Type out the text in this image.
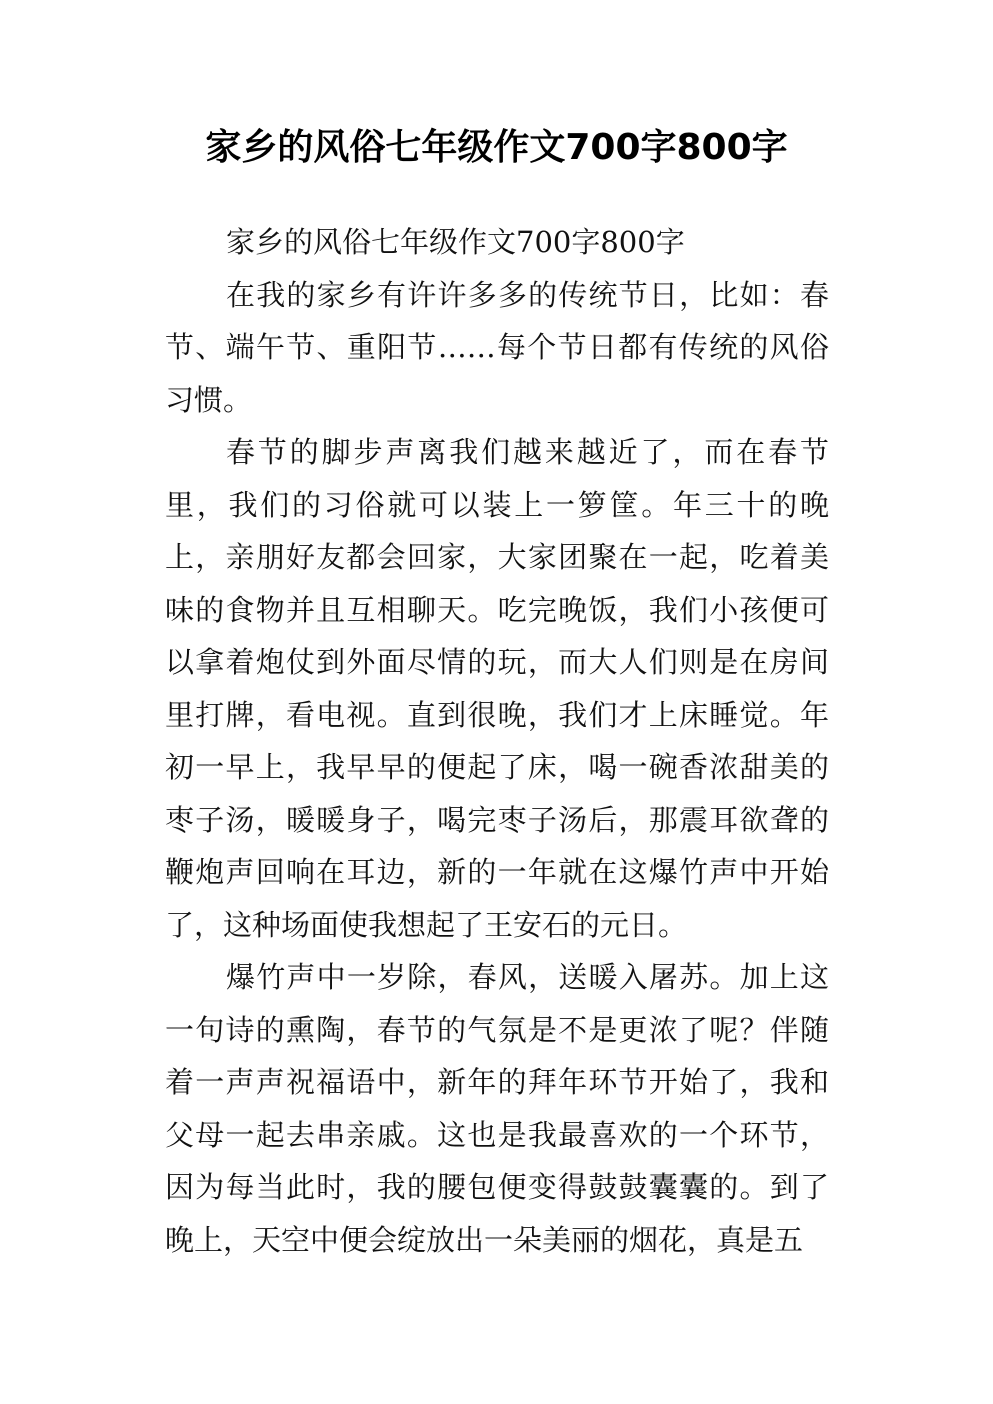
家乡的风俗七年级作文700字800字

家乡的风俗七年级作文700字800字

在我的家乡有许许多多的传统节日，比如：春节、端午节、重阳节……每个节日都有传统的风俗习惯。

春节的脚步声离我们越来越近了，而在春节里，我们的习俗就可以装上一箩筐。年三十的晚上，亲朋好友都会回家，大家团聚在一起，吃着美味的食物并且互相聊天。吃完晚饭，我们小孩便可以拿着炮仗到外面尽情的玩，而大人们则是在房间里打牌，看电视。直到很晚，我们才上床睡觉。年初一早上，我早早的便起了床，喝一碗香浓甜美的枣子汤，暖暖身子，喝完枣子汤后，那震耳欲聋的鞭炮声回响在耳边，新的一年就在这爆竹声中开始了，这种场面使我想起了王安石的元日。

爆竹声中一岁除，春风，送暖入屠苏。加上这一句诗的熏陶，春节的气氛是不是更浓了呢？伴随着一声声祝福语中，新年的拜年环节开始了，我和父母一起去串亲戚。这也是我最喜欢的一个环节，因为每当此时，我的腰包便变得鼓鼓囊囊的。到了晚上，天空中便会绽放出一朵美丽的烟花，真是五
